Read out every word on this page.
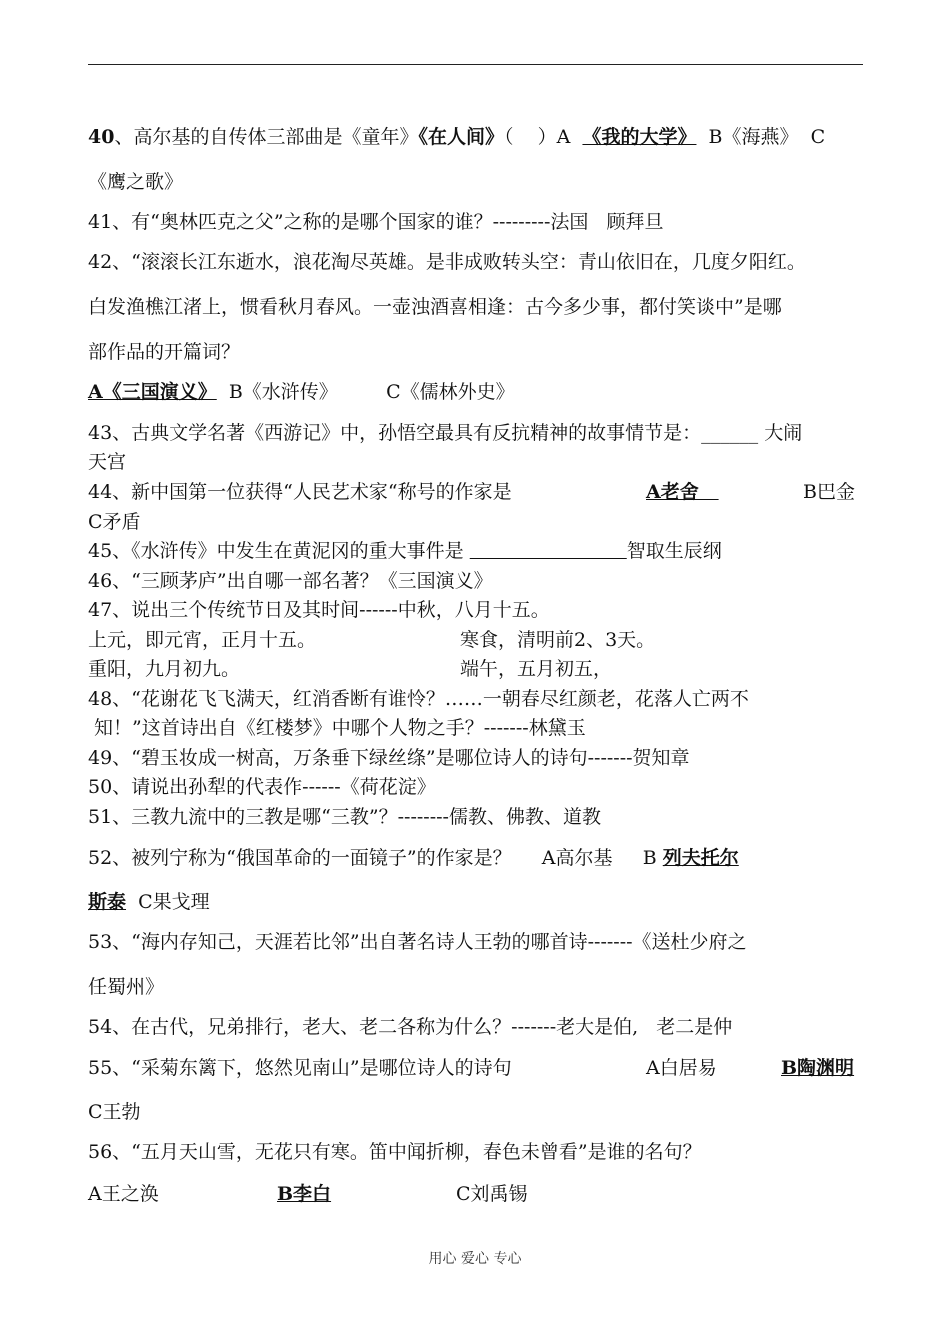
40、高尔基的自传体三部曲是《童年》《在人间》（    ）A  《我的大学》  B《海燕》  C
《鹰之歌》
41、有“奥林匹克之父”之称的是哪个国家的谁？---------法国   顾拜旦
42、“滚滚长江东逝水，浪花淘尽英雄。是非成败转头空：青山依旧在，几度夕阳红。
白发渔樵江渚上，惯看秋月春风。一壶浊酒喜相逢：古今多少事，都付笑谈中”是哪
部作品的开篇词？
A《三国演义》  B《水浒传》        C《儒林外史》
43、古典文学名著《西游记》中，孙悟空最具有反抗精神的故事情节是：______ 大闹
天宫
44、新中国第一位获得“人民艺术家“称号的作家是	A老舍	B巴金
C矛盾
45、《水浒传》中发生在黄泥冈的重大事件是	智取生辰纲
46、“三顾茅庐”出自哪一部名著？《三国演义》
47、说出三个传统节日及其时间------中秋，八月十五。
上元，即元宵，正月十五。	寒食，清明前2、3天。
重阳，九月初九。	端午，五月初五，
48、“花谢花飞飞满天，红消香断有谁怜？……一朝春尽红颜老，花落人亡两不
知！”这首诗出自《红楼梦》中哪个人物之手？-------林黛玉
49、“碧玉妆成一树高，万条垂下绿丝绦”是哪位诗人的诗句-------贺知章
50、请说出孙犁的代表作------《荷花淀》
51、三教九流中的三教是哪“三教”？--------儒教、佛教、道教
52、被列宁称为“俄国革命的一面镜子”的作家是？     A高尔基     B 列夫托尔
斯泰  C果戈理
53、“海内存知己，天涯若比邻”出自著名诗人王勃的哪首诗-------《送杜少府之
任蜀州》
54、在古代，兄弟排行，老大、老二各称为什么？-------老大是伯,   老二是仲
55、“采菊东篱下，悠然见南山”是哪位诗人的诗句	A白居易	B陶渊明
C王勃
56、“五月天山雪，无花只有寒。笛中闻折柳，春色未曾看”是谁的名句？
A王之涣	B李白	C刘禹锡
用心 爱心 专心
